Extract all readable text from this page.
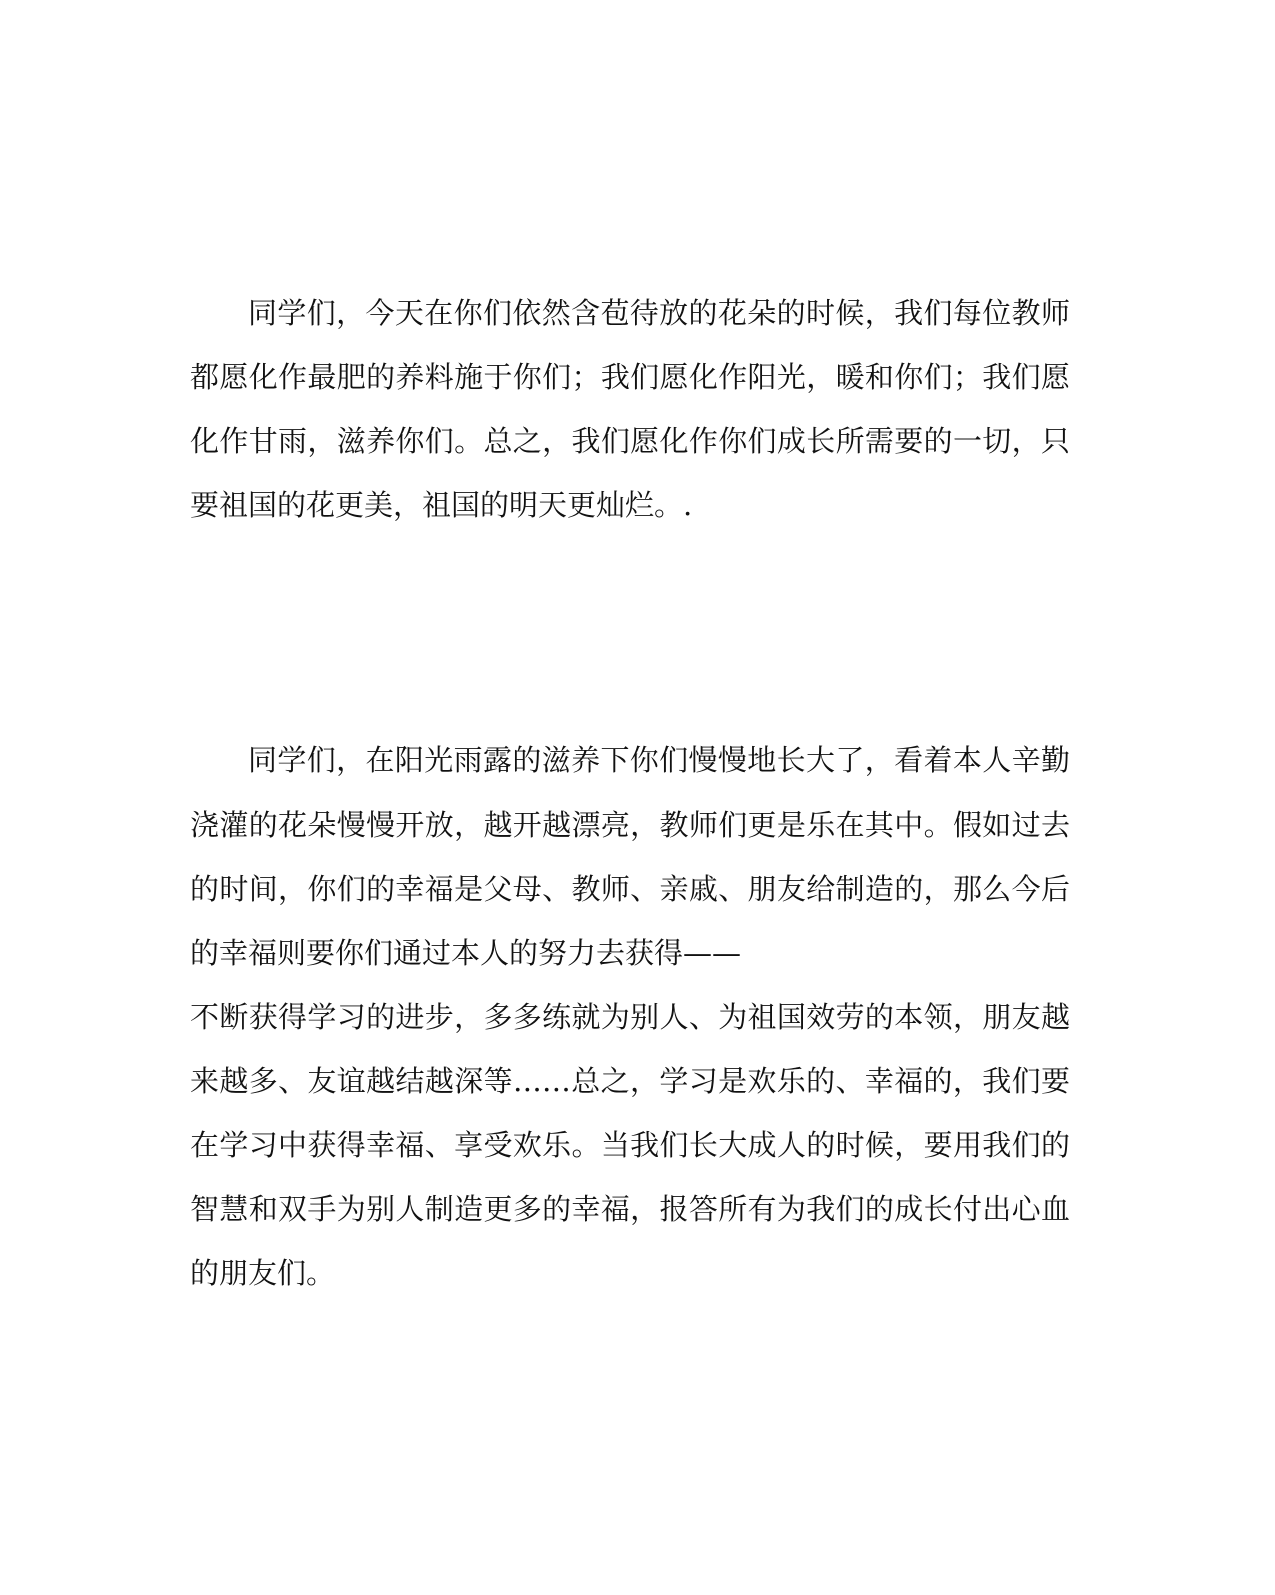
同学们，今天在你们依然含苞待放的花朵的时候，我们每位教师
都愿化作最肥的养料施于你们；我们愿化作阳光，暖和你们；我们愿
化作甘雨，滋养你们。总之，我们愿化作你们成长所需要的一切，只
要祖国的花更美，祖国的明天更灿烂。.
同学们，在阳光雨露的滋养下你们慢慢地长大了，看着本人辛勤
浇灌的花朵慢慢开放，越开越漂亮，教师们更是乐在其中。假如过去
的时间，你们的幸福是父母、教师、亲戚、朋友给制造的，那么今后
的幸福则要你们通过本人的努力去获得——
不断获得学习的进步，多多练就为别人、为祖国效劳的本领，朋友越
来越多、友谊越结越深等……总之，学习是欢乐的、幸福的，我们要
在学习中获得幸福、享受欢乐。当我们长大成人的时候，要用我们的
智慧和双手为别人制造更多的幸福，报答所有为我们的成长付出心血
的朋友们。
